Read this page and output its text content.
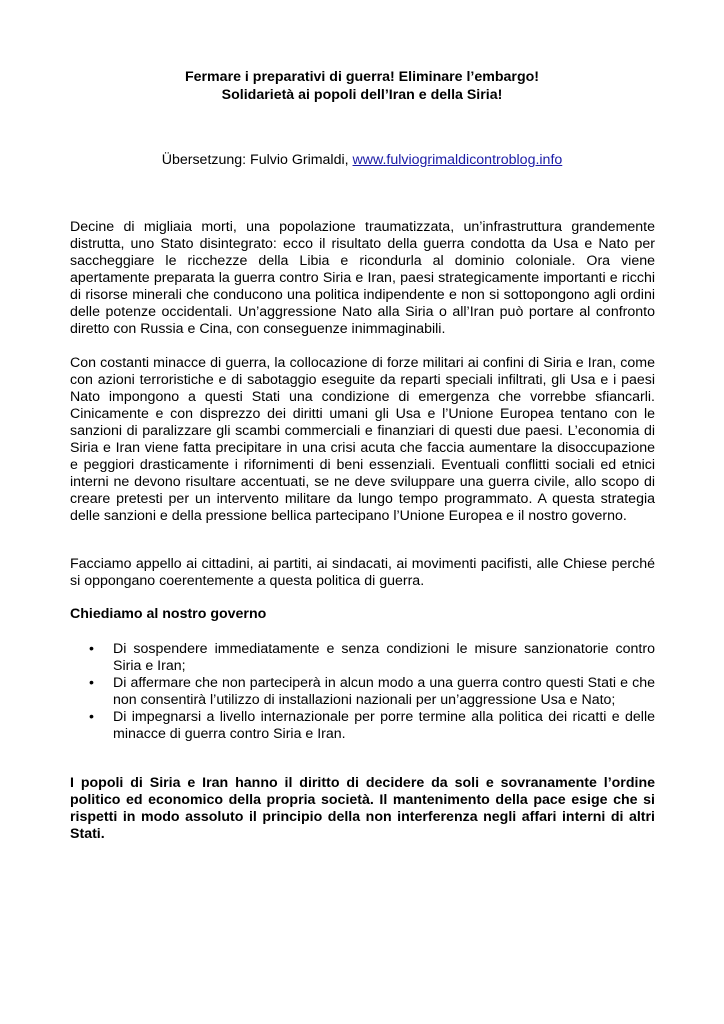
Fermare i preparativi di guerra! Eliminare l’embargo!
Solidarietà ai popoli dell’Iran e della Siria!
Übersetzung: Fulvio Grimaldi, www.fulviogrimaldicontroblog.info

Decine di migliaia morti, una popolazione traumatizzata, un’infrastruttura grandemente distrutta, uno Stato disintegrato: ecco il risultato della guerra condotta da Usa e Nato per saccheggiare le ricchezze della Libia e ricondurla al dominio coloniale. Ora viene apertamente preparata la guerra contro Siria e Iran, paesi strategicamente importanti e ricchi di risorse minerali che conducono una politica indipendente e non si sottopongono agli ordini delle potenze occidentali. Un’aggressione Nato alla Siria o all’Iran può portare al confronto diretto con Russia e Cina, con conseguenze inimmaginabili.

Con costanti minacce di guerra, la collocazione di forze militari ai confini di Siria e Iran, come con azioni terroristiche e di sabotaggio eseguite da reparti speciali infiltrati, gli Usa e i paesi Nato impongono a questi Stati una condizione di emergenza che vorrebbe sfiancarli. Cinicamente e con disprezzo dei diritti umani gli Usa e l’Unione Europea tentano con le sanzioni di paralizzare gli scambi commerciali e finanziari di questi due paesi. L’economia di Siria e Iran viene fatta precipitare in una crisi acuta che faccia aumentare la disoccupazione e peggiori drasticamente i rifornimenti di beni essenziali. Eventuali conflitti sociali ed etnici interni ne devono risultare accentuati, se ne deve sviluppare una guerra civile, allo scopo di creare pretesti per un intervento militare da lungo tempo programmato. A questa strategia delle sanzioni e della pressione bellica partecipano l’Unione Europea e il nostro governo.

Facciamo appello ai cittadini, ai partiti, ai sindacati, ai movimenti pacifisti, alle Chiese perché si oppongano coerentemente a questa politica di guerra.

Chiediamo al nostro governo
• Di sospendere immediatamente e senza condizioni le misure sanzionatorie contro Siria e Iran;
• Di affermare che non parteciperà in alcun modo a una guerra contro questi Stati e che non consentirà l’utilizzo di installazioni nazionali per un’aggressione Usa e Nato;
• Di impegnarsi a livello internazionale per porre termine alla politica dei ricatti e delle minacce di guerra contro Siria e Iran.

I popoli di Siria e Iran hanno il diritto di decidere da soli e sovranamente l’ordine politico ed economico della propria società. Il mantenimento della pace esige che si rispetti in modo assoluto il principio della non interferenza negli affari interni di altri Stati.
